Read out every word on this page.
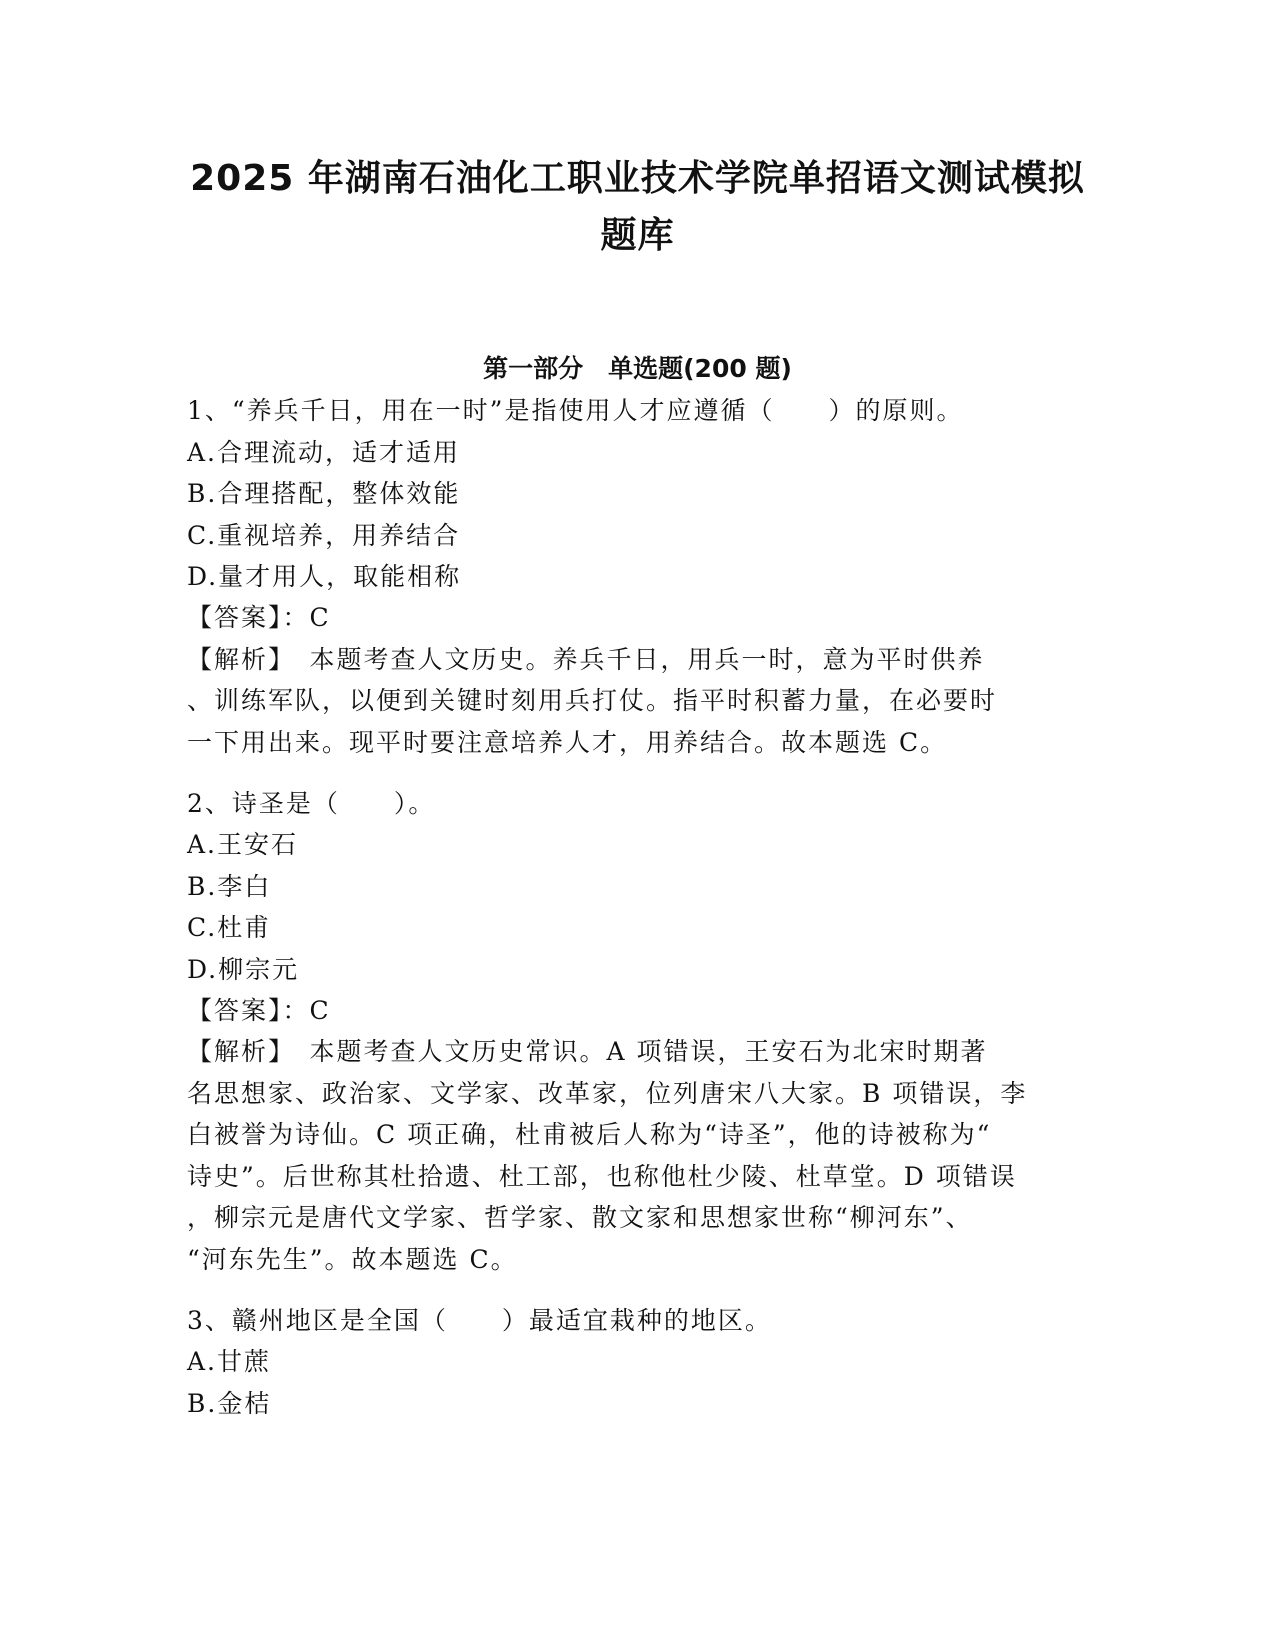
2025 年湖南石油化工职业技术学院单招语文测试模拟
题库
第一部分　单选题(200 题)
1、“养兵千日，用在一时”是指使用人才应遵循（　　）的原则。
A.合理流动，适才适用
B.合理搭配，整体效能
C.重视培养，用养结合
D.量才用人，取能相称
【答案】：C
【解析】　本题考查人文历史。养兵千日，用兵一时，意为平时供养
、训练军队，以便到关键时刻用兵打仗。指平时积蓄力量，在必要时
一下用出来。现平时要注意培养人才，用养结合。故本题选 C。
2、诗圣是（　　）。
A.王安石
B.李白
C.杜甫
D.柳宗元
【答案】：C
【解析】　本题考查人文历史常识。A 项错误，王安石为北宋时期著
名思想家、政治家、文学家、改革家，位列唐宋八大家。B 项错误，李
白被誉为诗仙。C 项正确，杜甫被后人称为“诗圣”，他的诗被称为“
诗史”。后世称其杜拾遗、杜工部，也称他杜少陵、杜草堂。D 项错误
，柳宗元是唐代文学家、哲学家、散文家和思想家世称“柳河东”、
“河东先生”。故本题选 C。
3、赣州地区是全国（　　）最适宜栽种的地区。
A.甘蔗
B.金桔
